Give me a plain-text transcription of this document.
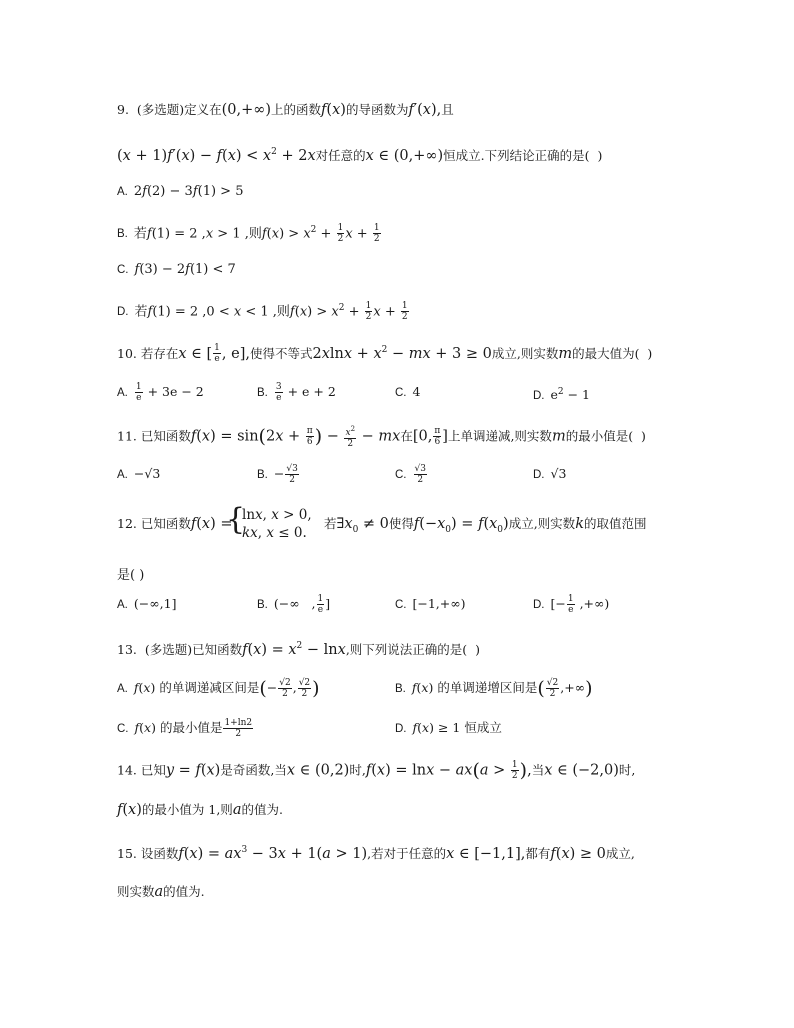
9.  (多选题)定义在(0,+∞)上的函数f(x)的导函数为f′(x),且
$(x + 1)f'(x) - f(x) < x^2 + 2x$对任意的x ∈ (0,+∞)恒成立.下列结论正确的是(  )
A. 2f(2) − 3f(1) > 5
B. 若f(1) = 2 ,x > 1 ,则$f(x) > x^2 + \frac{1}{2}$ $x + \frac{1}{2}$
C. f(3) − 2f(1) < 7
D. 若f(1) = 2 ,0 < x < 1 ,则$f(x) > x^2 + \frac{1}{2}$ $x + \frac{1}{2}$
10. 若存在x ∈ [ $\frac{1}{e}$ , e],使得不等式$2xlnx + x^2$ − mx + 3 ≥ 0成立,则实数m的最大值为(  )
A. $\frac{1}{e} + 3e - 2$	B. $\frac{3}{e} + e + 2$	C. 4	D. $e^2 - 1$
11. 已知函数$f(x) = \sin(2x + \frac{\pi}{6}$ ) − $\frac{x^2}{2}$ − mx在[0, $\frac{\pi}{6}$ ]上单调递减,则实数m的最小值是(  )
A. −√3	B. − $\frac{√3}{2}$	C. $\frac{√3}{2}$	D. √3
12. 已知函数f(x) =
{
lnx, x > 0,
kx, x ≤ 0.
若$\exists x_0 \ne 0$使得$f(-x_0) = f(x_0)$成立,则实数k的取值范围
是( )
A. (−∞,1]	B. (−∞   , $\frac{1}{e}$ ]	C. [−1,+∞)	D. [− $\frac{1}{e}$ ,+∞)
13.  (多选题)已知函数$f(x) = x^2 - \ln x$,则下列说法正确的是(  )
A. f(x) 的单调递减区间是(− $\frac{√2}{2}$ , $\frac{√2}{2}$ )	B. f(x) 的单调递增区间是( $\frac{√2}{2}$ ,+∞)
C. f(x) 的最小值是 $\frac{1+\ln 2}{2}$	D. f(x) ≥ 1 恒成立
14. 已知y = f(x)是奇函数,当x ∈ (0,2)时$,f(x) = \ln x - ax(a > \frac{1}{2}$ ),当x ∈ (−2,0)时,
f(x)的最小值为 1,则a的值为.
15. 设函数$f(x) = ax^3 - 3x + 1(a > 1)$,若对于任意的x ∈ [−1,1],都有f(x) ≥ 0成立,
则实数a的值为.
